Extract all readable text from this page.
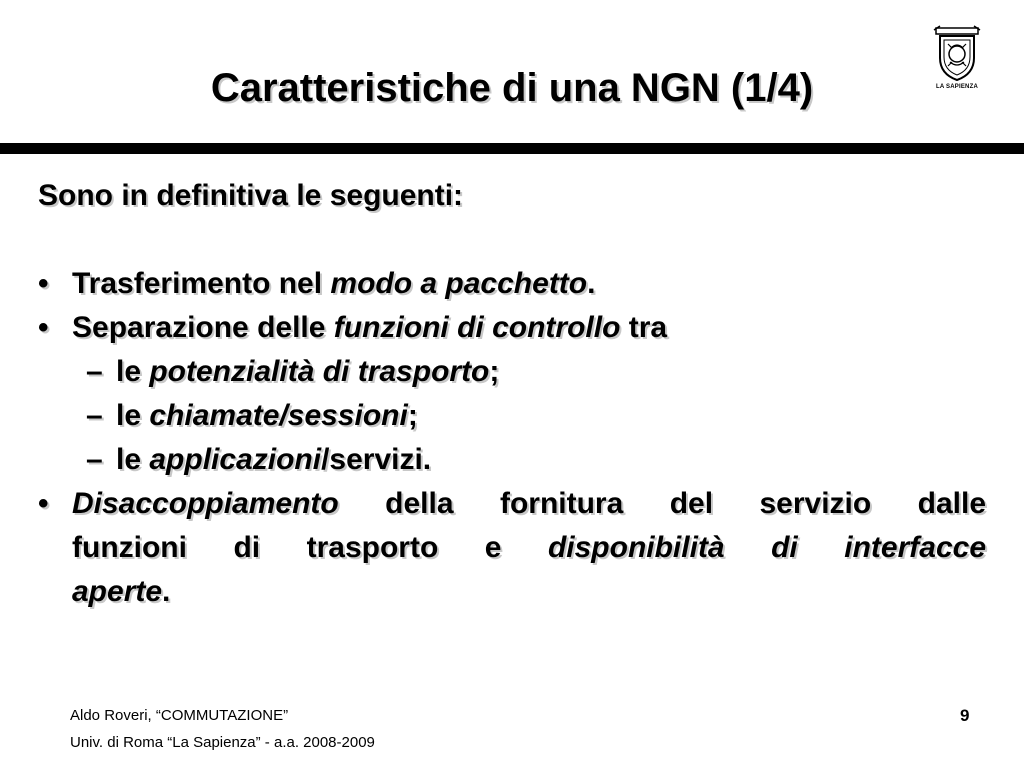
Caratteristiche di una NGN (1/4)	LA SAPIENZA
Sono in definitiva le seguenti:
• Trasferimento nel modo a pacchetto.
• Separazione delle funzioni di controllo tra
– le potenzialità di trasporto;
– le chiamate/sessioni;
– le applicazioni/servizi.
• Disaccoppiamento della fornitura del servizio dalle
funzioni di trasporto e disponibilità di interfacce
aperte.
Aldo Roveri, “COMMUTAZIONE”
Univ. di Roma “La Sapienza” - a.a. 2008-2009
9
